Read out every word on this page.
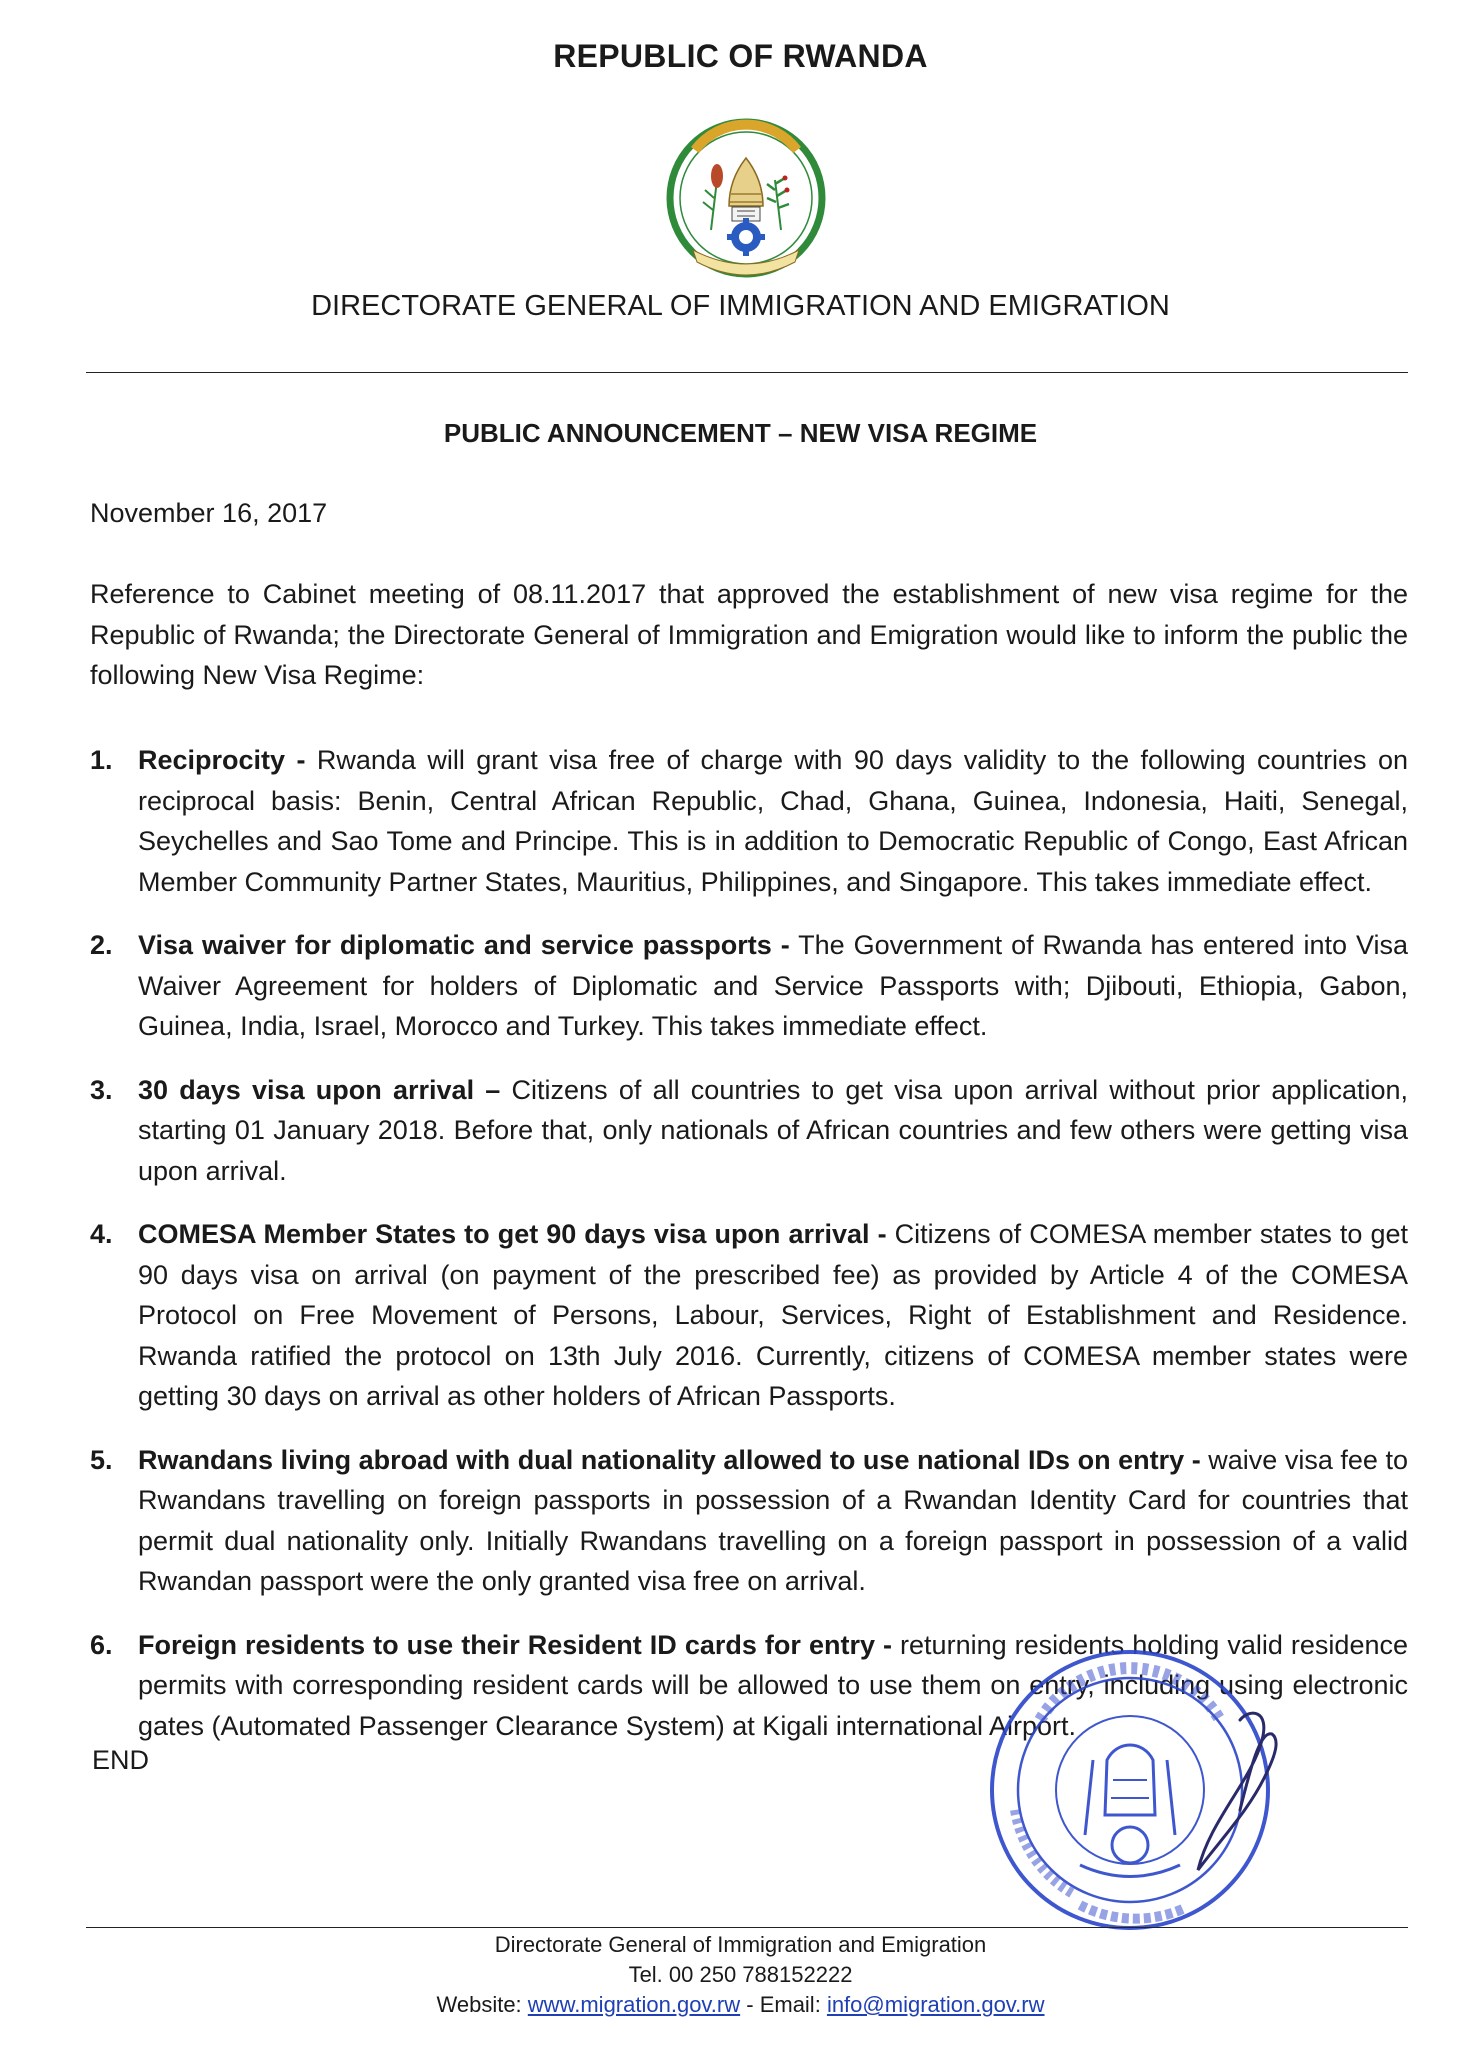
REPUBLIC OF RWANDA
DIRECTORATE GENERAL OF IMMIGRATION AND EMIGRATION
PUBLIC ANNOUNCEMENT – NEW VISA REGIME
November 16, 2017
Reference to Cabinet meeting of 08.11.2017 that approved the establishment of new visa regime for the Republic of Rwanda; the Directorate General of Immigration and Emigration would like to inform the public the following New Visa Regime:
1. Reciprocity - Rwanda will grant visa free of charge with 90 days validity to the following countries on reciprocal basis: Benin, Central African Republic, Chad, Ghana, Guinea, Indonesia, Haiti, Senegal, Seychelles and Sao Tome and Principe. This is in addition to Democratic Republic of Congo, East African Member Community Partner States, Mauritius, Philippines, and Singapore. This takes immediate effect.
2. Visa waiver for diplomatic and service passports - The Government of Rwanda has entered into Visa Waiver Agreement for holders of Diplomatic and Service Passports with; Djibouti, Ethiopia, Gabon, Guinea, India, Israel, Morocco and Turkey. This takes immediate effect.
3. 30 days visa upon arrival – Citizens of all countries to get visa upon arrival without prior application, starting 01 January 2018. Before that, only nationals of African countries and few others were getting visa upon arrival.
4. COMESA Member States to get 90 days visa upon arrival - Citizens of COMESA member states to get 90 days visa on arrival (on payment of the prescribed fee) as provided by Article 4 of the COMESA Protocol on Free Movement of Persons, Labour, Services, Right of Establishment and Residence. Rwanda ratified the protocol on 13th July 2016. Currently, citizens of COMESA member states were getting 30 days on arrival as other holders of African Passports.
5. Rwandans living abroad with dual nationality allowed to use national IDs on entry - waive visa fee to Rwandans travelling on foreign passports in possession of a Rwandan Identity Card for countries that permit dual nationality only. Initially Rwandans travelling on a foreign passport in possession of a valid Rwandan passport were the only granted visa free on arrival.
6. Foreign residents to use their Resident ID cards for entry - returning residents holding valid residence permits with corresponding resident cards will be allowed to use them on entry, including using electronic gates (Automated Passenger Clearance System) at Kigali international Airport.
END
Directorate General of Immigration and Emigration
Tel. 00 250 788152222
Website: www.migration.gov.rw - Email: info@migration.gov.rw
